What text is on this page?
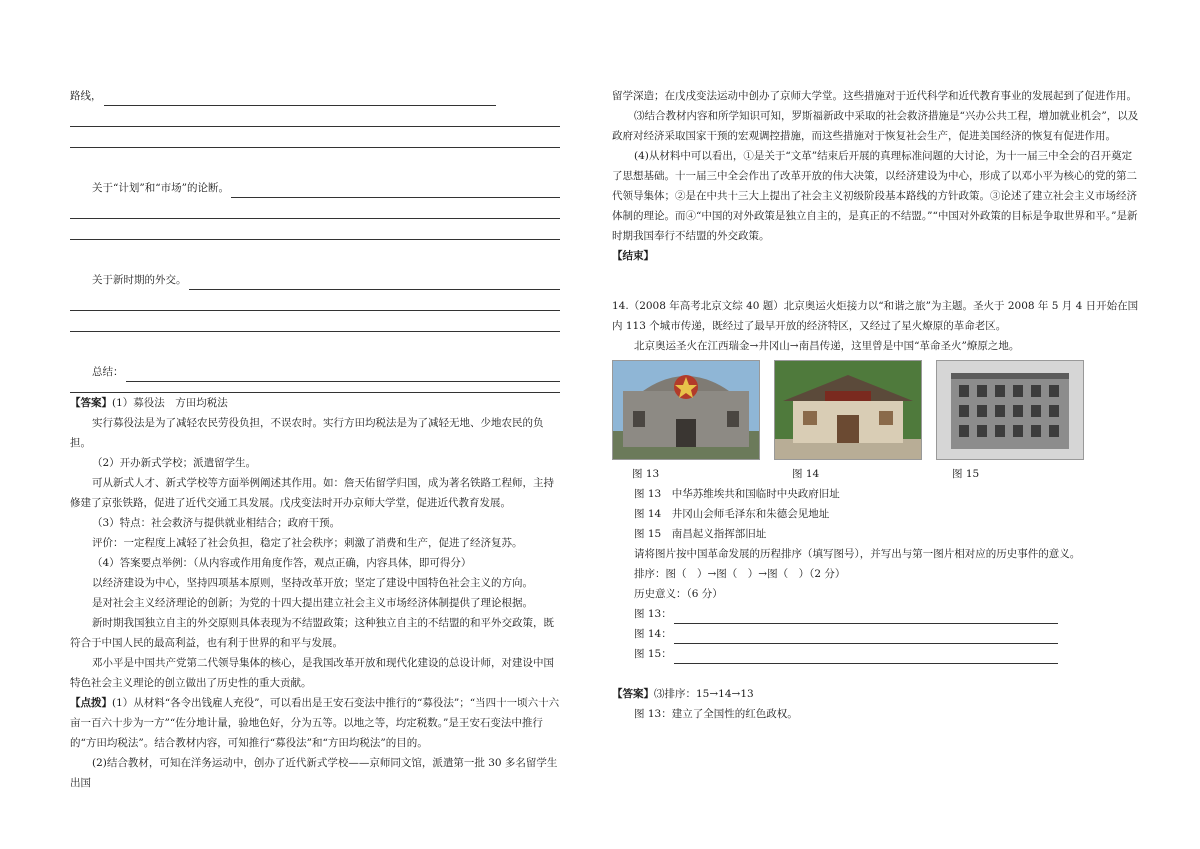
路线，
关于“计划”和“市场”的论断。
关于新时期的外交。
总结：

【答案】(1）募役法　方田均税法

实行募役法是为了减轻农民劳役负担，不误农时。实行方田均税法是为了减轻无地、少地农民的负担。

（2）开办新式学校；派遣留学生。

可从新式人才、新式学校等方面举例阐述其作用。如：詹天佑留学归国，成为著名铁路工程师，主持修建了京张铁路，促进了近代交通工具发展。戊戌变法时开办京师大学堂，促进近代教育发展。

（3）特点：社会救济与提供就业相结合；政府干预。

评价：一定程度上减轻了社会负担，稳定了社会秩序；刺激了消费和生产，促进了经济复苏。

（4）答案要点举例：（从内容或作用角度作答，观点正确，内容具体，即可得分）

以经济建设为中心，坚持四项基本原则，坚持改革开放；坚定了建设中国特色社会主义的方向。

是对社会主义经济理论的创新；为党的十四大提出建立社会主义市场经济体制提供了理论根据。

新时期我国独立自主的外交原则具体表现为不结盟政策；这种独立自主的不结盟的和平外交政策，既符合于中国人民的最高利益，也有利于世界的和平与发展。

邓小平是中国共产党第二代领导集体的核心，是我国改革开放和现代化建设的总设计师，对建设中国特色社会主义理论的创立做出了历史性的重大贡献。

【点拨】(1）从材料“各令出钱雇人充役”，可以看出是王安石变法中推行的“募役法”；“当四十一顷六十六亩一百六十步为一方”“佐分地计量，验地色好，分为五等。以地之等，均定税数。”是王安石变法中推行的“方田均税法”。结合教材内容，可知推行“募役法”和“方田均税法”的目的。

(2)结合教材，可知在洋务运动中，创办了近代新式学校——京师同文馆，派遣第一批 30 多名留学生出国

留学深造；在戊戌变法运动中创办了京师大学堂。这些措施对于近代科学和近代教育事业的发展起到了促进作用。

⑶结合教材内容和所学知识可知，罗斯福新政中采取的社会救济措施是“兴办公共工程，增加就业机会”，以及政府对经济采取国家干预的宏观调控措施，而这些措施对于恢复社会生产，促进美国经济的恢复有促进作用。

(4)从材料中可以看出，①是关于“文革”结束后开展的真理标准问题的大讨论，为十一届三中全会的召开奠定了思想基础。十一届三中全会作出了改革开放的伟大决策，以经济建设为中心，形成了以邓小平为核心的党的第二代领导集体；②是在中共十三大上提出了社会主义初级阶段基本路线的方针政策。③论述了建立社会主义市场经济体制的理论。而④“中国的对外政策是独立自主的，是真正的不结盟。”“中国对外政策的目标是争取世界和平。”是新时期我国奉行不结盟的外交政策。

【结束】

14.（2008 年高考北京文综 40 题）北京奥运火炬接力以“和谐之旅”为主题。圣火于 2008 年 5 月 4 日开始在国内 113 个城市传递，既经过了最早开放的经济特区，又经过了星火燎原的革命老区。

北京奥运圣火在江西瑞金→井冈山→南昌传递，这里曾是中国“革命圣火”燎原之地。

图 13	图 14	图 15

图 13　中华苏维埃共和国临时中央政府旧址

图 14　井冈山会师毛泽东和朱德会见地址

图 15　南昌起义指挥部旧址

请将图片按中国革命发展的历程排序（填写图号），并写出与第一图片相对应的历史事件的意义。

排序：图（　）→图（　）→图（　）（2 分）

历史意义：（6 分）

图 13：
图 14：
图 15：

【答案】⑶排序：15→14→13

图 13：建立了全国性的红色政权。
